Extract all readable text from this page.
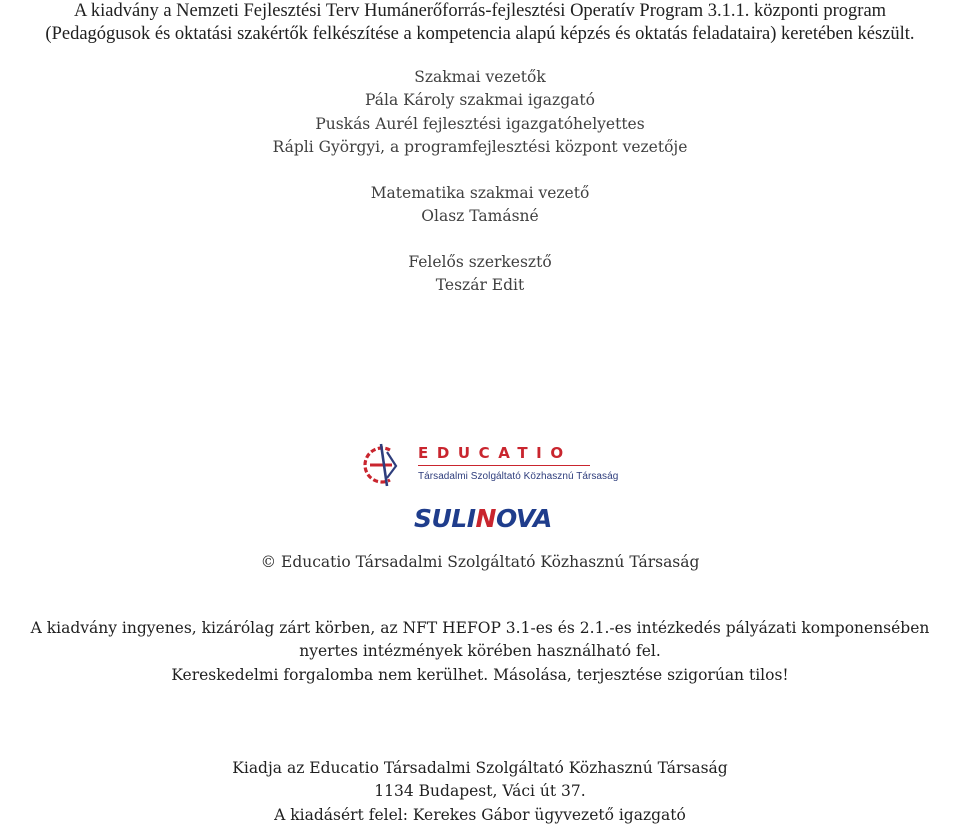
A kiadvány a Nemzeti Fejlesztési Terv Humánerőforrás-fejlesztési Operatív Program 3.1.1. központi program
(Pedagógusok és oktatási szakértők felkészítése a kompetencia alapú képzés és oktatás feladataira) keretében készült.
Szakmai vezetők
Pála Károly szakmai igazgató
Puskás Aurél fejlesztési igazgatóhelyettes
Rápli Györgyi, a programfejlesztési központ vezetője
Matematika szakmai vezető
Olasz Tamásné
Felelős szerkesztő
Teszár Edit
EDUCATIO
Társadalmi Szolgáltató Közhasznú Társaság
SULINOVA
© Educatio Társadalmi Szolgáltató Közhasznú Társaság
A kiadvány ingyenes, kizárólag zárt körben, az NFT HEFOP 3.1-es és 2.1.-es intézkedés pályázati komponensében
nyertes intézmények körében használható fel.
Kereskedelmi forgalomba nem kerülhet. Másolása, terjesztése szigorúan tilos!
Kiadja az Educatio Társadalmi Szolgáltató Közhasznú Társaság
1134 Budapest, Váci út 37.
A kiadásért felel: Kerekes Gábor ügyvezető igazgató
